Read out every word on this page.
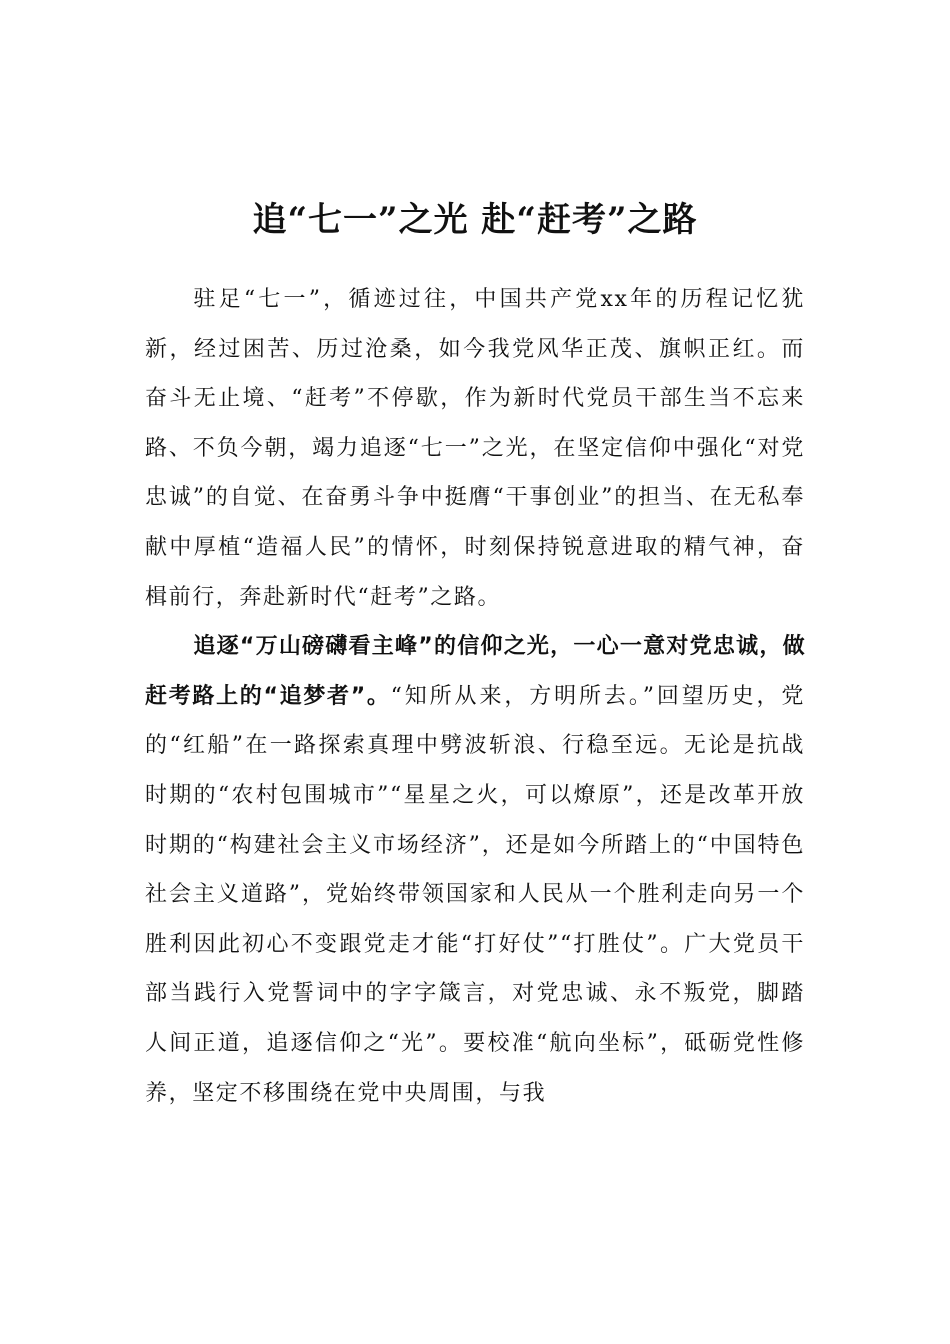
追“七一”之光 赴“赶考”之路

驻足“七一”，循迹过往，中国共产党xx年的历程记忆犹新，经过困苦、历过沧桑，如今我党风华正茂、旗帜正红。而奋斗无止境、“赶考”不停歇，作为新时代党员干部生当不忘来路、不负今朝，竭力追逐“七一”之光，在坚定信仰中强化“对党忠诚”的自觉、在奋勇斗争中挺膺“干事创业”的担当、在无私奉献中厚植“造福人民”的情怀，时刻保持锐意进取的精气神，奋楫前行，奔赴新时代“赶考”之路。

追逐“万山磅礴看主峰”的信仰之光，一心一意对党忠诚，做赶考路上的“追梦者”。“知所从来，方明所去。”回望历史，党的“红船”在一路探索真理中劈波斩浪、行稳至远。无论是抗战时期的“农村包围城市”“星星之火，可以燎原”，还是改革开放时期的“构建社会主义市场经济”，还是如今所踏上的“中国特色社会主义道路”，党始终带领国家和人民从一个胜利走向另一个胜利因此初心不变跟党走才能“打好仗”“打胜仗”。广大党员干部当践行入党誓词中的字字箴言，对党忠诚、永不叛党，脚踏人间正道，追逐信仰之“光”。要校准“航向坐标”，砥砺党性修养，坚定不移围绕在党中央周围，与我
